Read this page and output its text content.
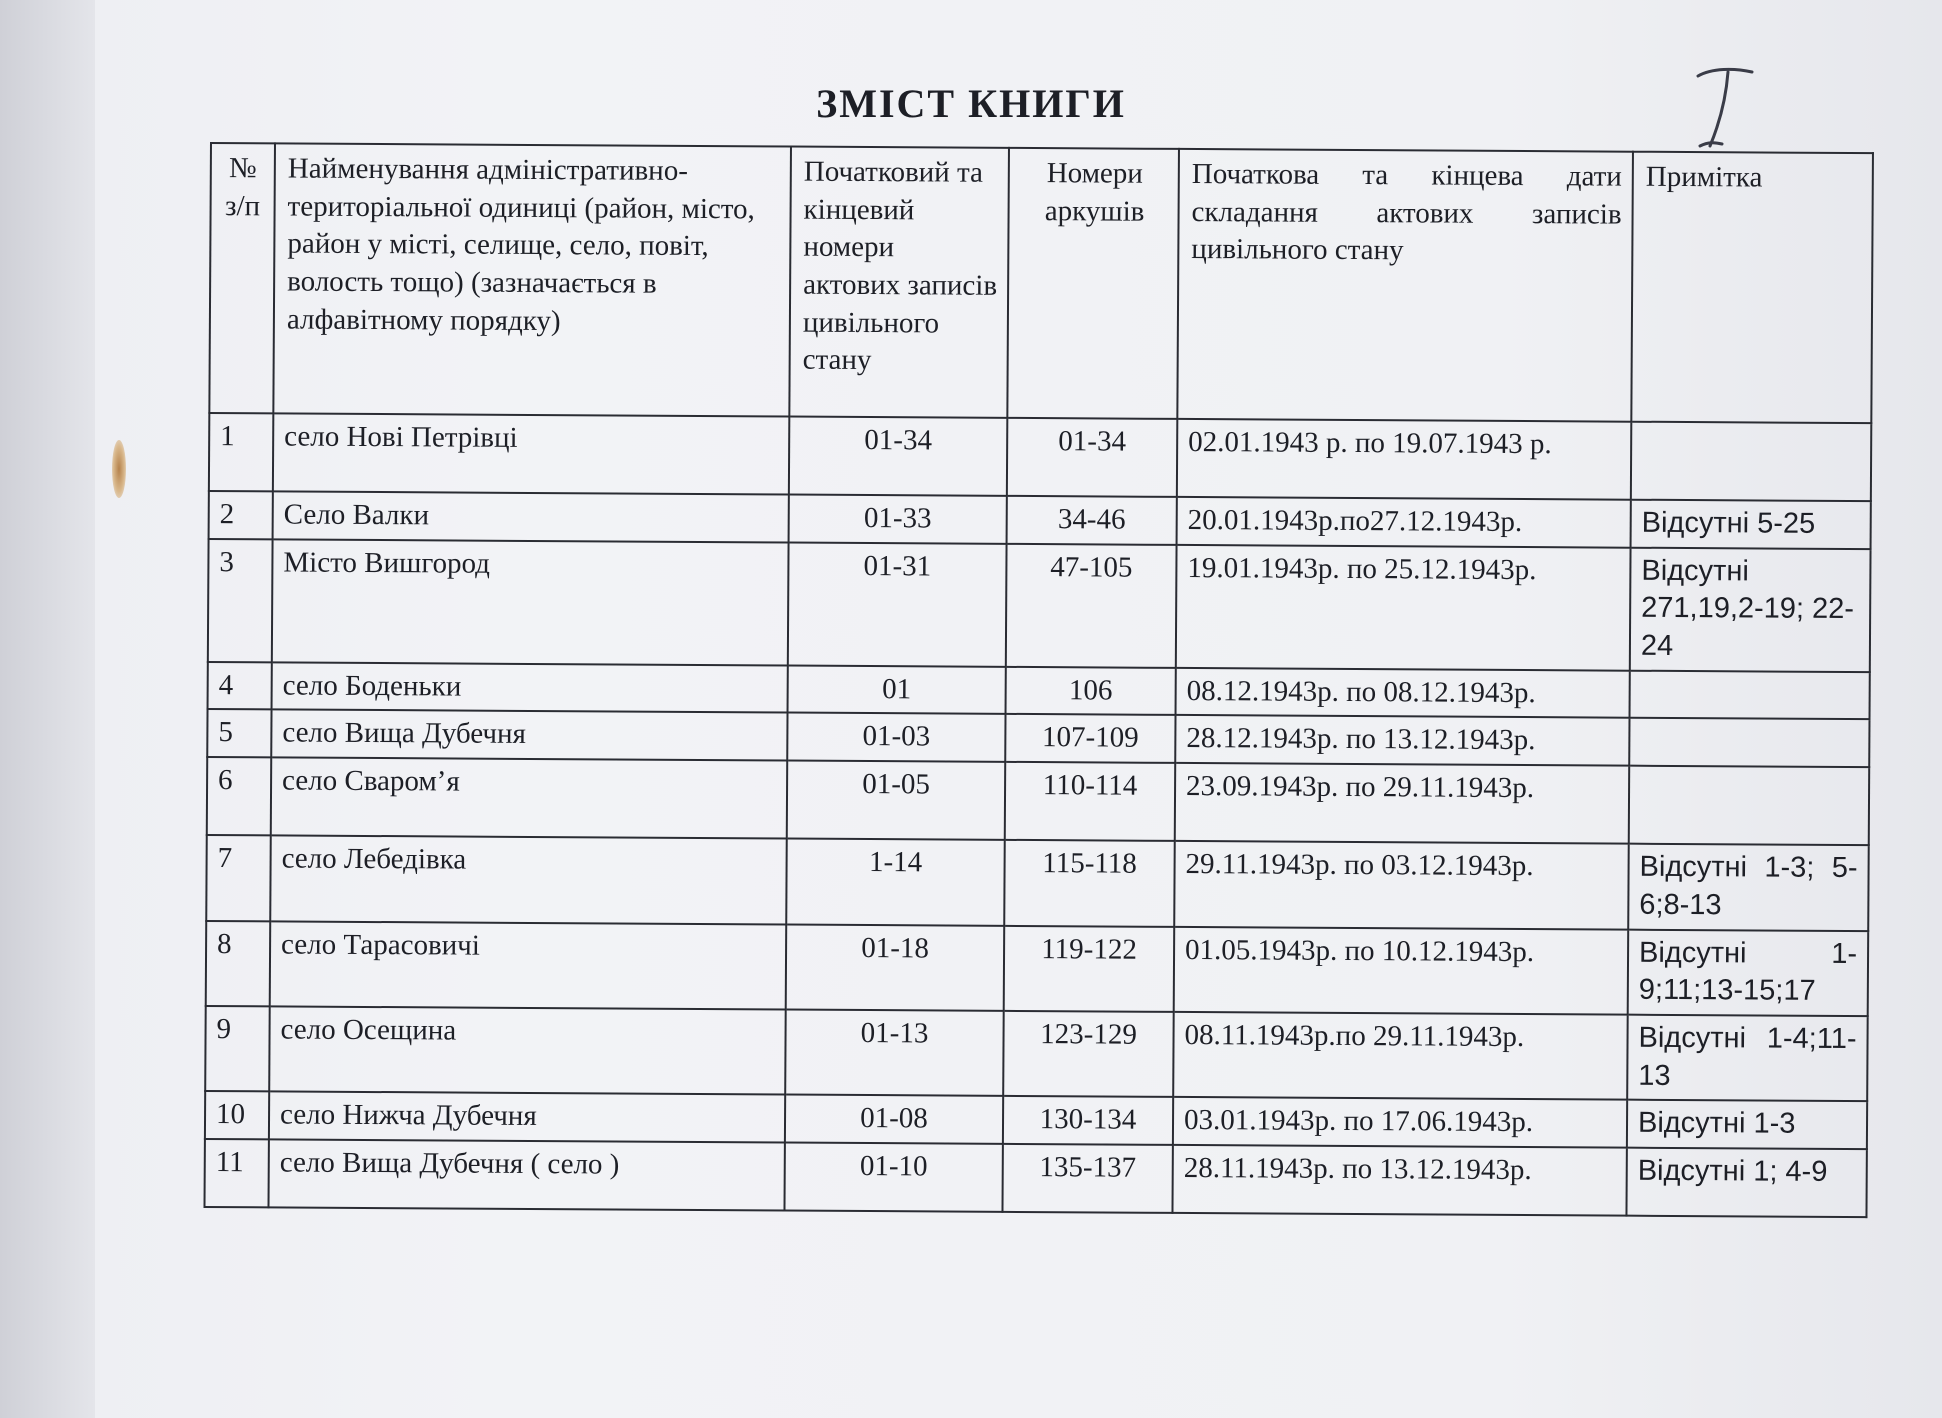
ЗМІСТ КНИГИ
№ з/п	Найменування адміністративно-територіальної одиниці (район, місто, район у місті, селище, село, повіт, волость тощо) (зазначається в алфавітному порядку)	Початковий та кінцевий номери актових записів цивільного стану	Номери аркушів	Початкова та кінцева дати складання актових записів цивільного стану	Примітка
1	село Нові Петрівці	01-34	01-34	02.01.1943 р. по 19.07.1943 р.	
2	Село Валки	01-33	34-46	20.01.1943р.по27.12.1943р.	Відсутні 5-25
3	Місто Вишгород	01-31	47-105	19.01.1943р. по 25.12.1943р.	Відсутні 271,19,2-19; 22-24
4	село Боденьки	01	106	08.12.1943р. по 08.12.1943р.	
5	село Вища Дубечня	01-03	107-109	28.12.1943р. по 13.12.1943р.	
6	село Сваром’я	01-05	110-114	23.09.1943р. по 29.11.1943р.	
7	село Лебедівка	1-14	115-118	29.11.1943р. по 03.12.1943р.	Відсутні 1-3; 5-6;8-13
8	село Тарасовичі	01-18	119-122	01.05.1943р. по 10.12.1943р.	Відсутні 1-9;11;13-15;17
9	село Осещина	01-13	123-129	08.11.1943р.по 29.11.1943р.	Відсутні 1-4;11-13
10	село Нижча Дубечня	01-08	130-134	03.01.1943р. по 17.06.1943р.	Відсутні 1-3
11	село Вища Дубечня ( село )	01-10	135-137	28.11.1943р. по 13.12.1943р.	Відсутні 1; 4-9
